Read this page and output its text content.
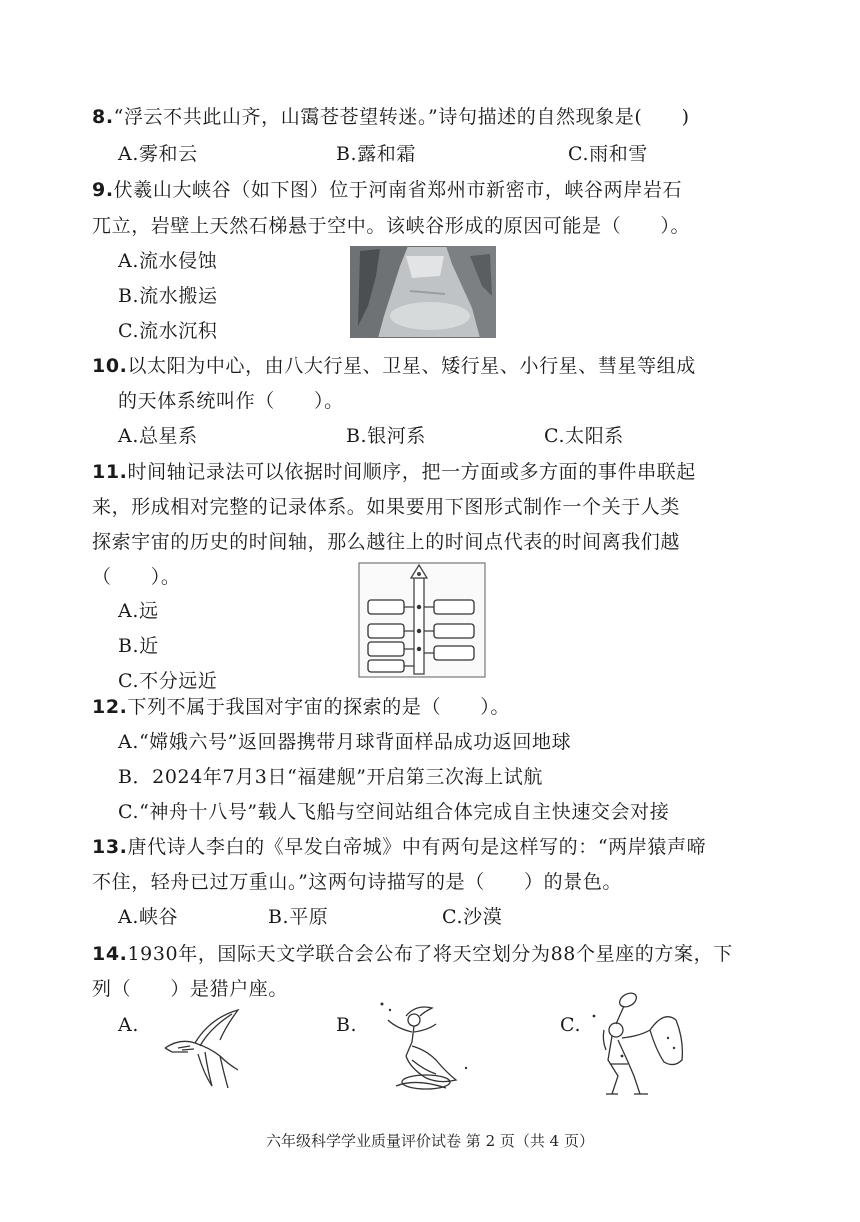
8.“浮云不共此山齐，山霭苍苍望转迷。”诗句描述的自然现象是(　　)
A.雾和云	B.露和霜	C.雨和雪
9.伏羲山大峡谷（如下图）位于河南省郑州市新密市，峡谷两岸岩石
兀立，岩壁上天然石梯悬于空中。该峡谷形成的原因可能是（　　）。
A.流水侵蚀
B.流水搬运
C.流水沉积
10.以太阳为中心，由八大行星、卫星、矮行星、小行星、彗星等组成
的天体系统叫作（　　）。
A.总星系	B.银河系	C.太阳系
11.时间轴记录法可以依据时间顺序，把一方面或多方面的事件串联起
来，形成相对完整的记录体系。如果要用下图形式制作一个关于人类
探索宇宙的历史的时间轴，那么越往上的时间点代表的时间离我们越
（　　）。
A.远
B.近
C.不分远近
12.下列不属于我国对宇宙的探索的是（　　）。
A.“嫦娥六号”返回器携带月球背面样品成功返回地球
B．2024年7月3日“福建舰”开启第三次海上试航
C.“神舟十八号”载人飞船与空间站组合体完成自主快速交会对接
13.唐代诗人李白的《早发白帝城》中有两句是这样写的：“两岸猿声啼
不住，轻舟已过万重山。”这两句诗描写的是（　　）的景色。
A.峡谷	B.平原	C.沙漠
14.1930年，国际天文学联合会公布了将天空划分为88个星座的方案，下
列（　　）是猎户座。
A.	B.	C.
六年级科学学业质量评价试卷 第 2 页（共 4 页）
